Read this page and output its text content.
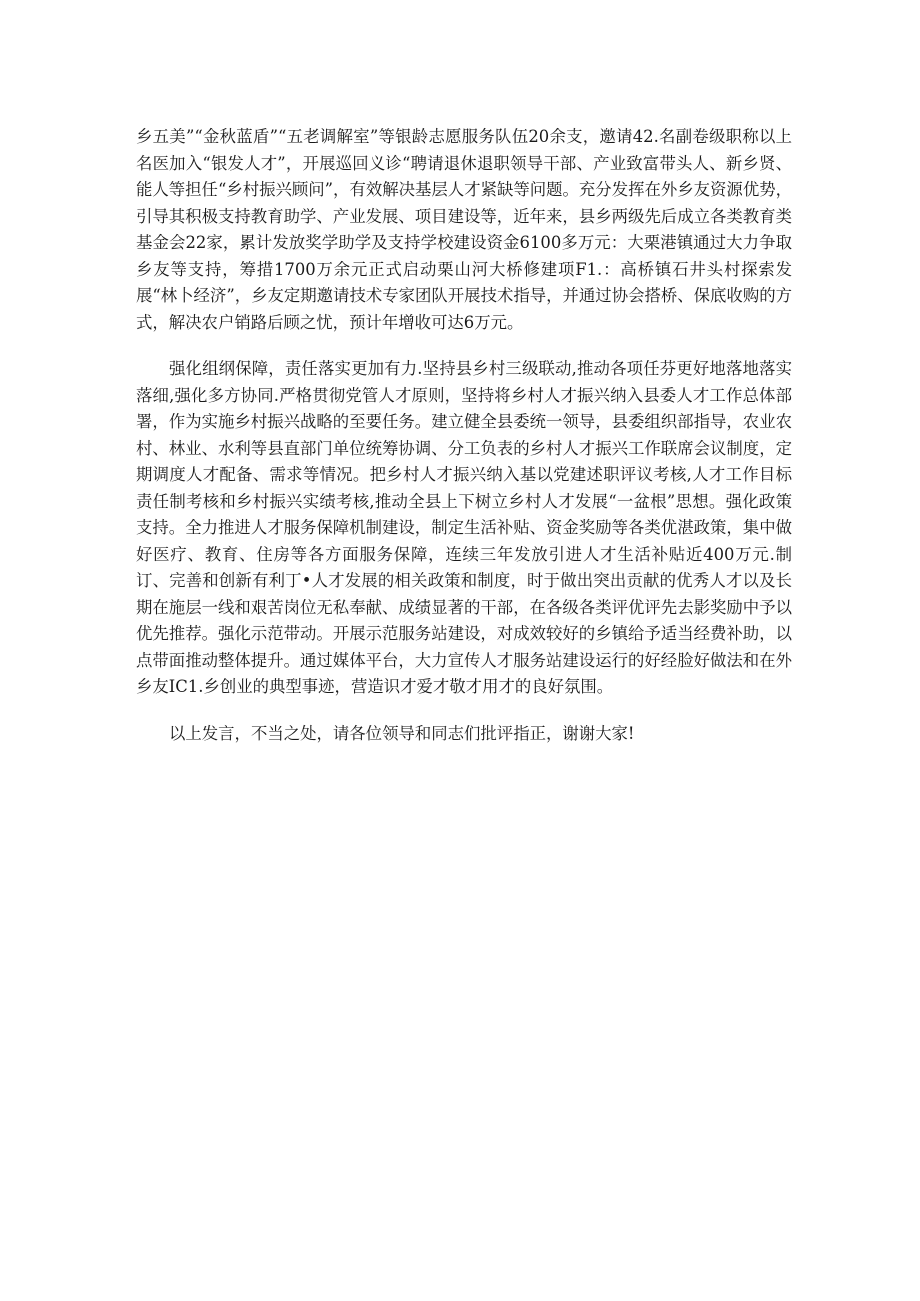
乡五美”“金秋蓝盾”“五老调解室”等银龄志愿服务队伍20余支，邀请42.名副卷级职称以上名医加入“银发人才”，开展巡回义诊“聘请退休退职领导干部、产业致富带头人、新乡贤、能人等担任“乡村振兴顾问”，有效解决基层人才紧缺等问题。充分发挥在外乡友资源优势，引导其积极支持教育助学、产业发展、项目建设等，近年来，县乡两级先后成立各类教育类基金会22家，累计发放奖学助学及支持学校建设资金6100多万元：大栗港镇通过大力争取乡友等支持，筹措1700万余元正式启动栗山河大桥修建项F1.：高桥镇石井头村探索发展“林卜经济”，乡友定期邀请技术专家团队开展技术指导，并通过协会搭桥、保底收购的方式，解决农户销路后顾之忧，预计年增收可达6万元。

强化组纲保障，责任落实更加有力.坚持县乡村三级联动,推动各项任芬更好地落地落实落细,强化多方协同.严格贯彻党管人才原则，坚持将乡村人才振兴纳入县委人才工作总体部署，作为实施乡村振兴战略的至要任务。建立健全县委统一领导，县委组织部指导，农业农村、林业、水利等县直部门单位统筹协调、分工负表的乡村人才振兴工作联席会议制度，定期调度人才配备、需求等情况。把乡村人才振兴纳入基以党建述职评议考核,人才工作目标责任制考核和乡村振兴实绩考核,推动全县上下树立乡村人才发展“一盆根”思想。强化政策支持。全力推进人才服务保障机制建设，制定生活补贴、资金奖励等各类优湛政策，集中做好医疗、教育、住房等各方面服务保障，连续三年发放引进人才生活补贴近400万元.制订、完善和创新有利丁•人才发展的相关政策和制度，时于做出突出贡献的优秀人才以及长期在施层一线和艰苦岗位无私奉献、成绩显著的干部，在各级各类评优评先去影奖励中予以优先推荐。强化示范带动。开展示范服务站建设，对成效较好的乡镇给予适当经费补助，以点带面推动整体提升。通过媒体平台，大力宣传人才服务站建设运行的好经脸好做法和在外乡友IC1.乡创业的典型事迹，营造识才爱才敬才用才的良好氛围。

以上发言，不当之处，请各位领导和同志们批评指正，谢谢大家!
